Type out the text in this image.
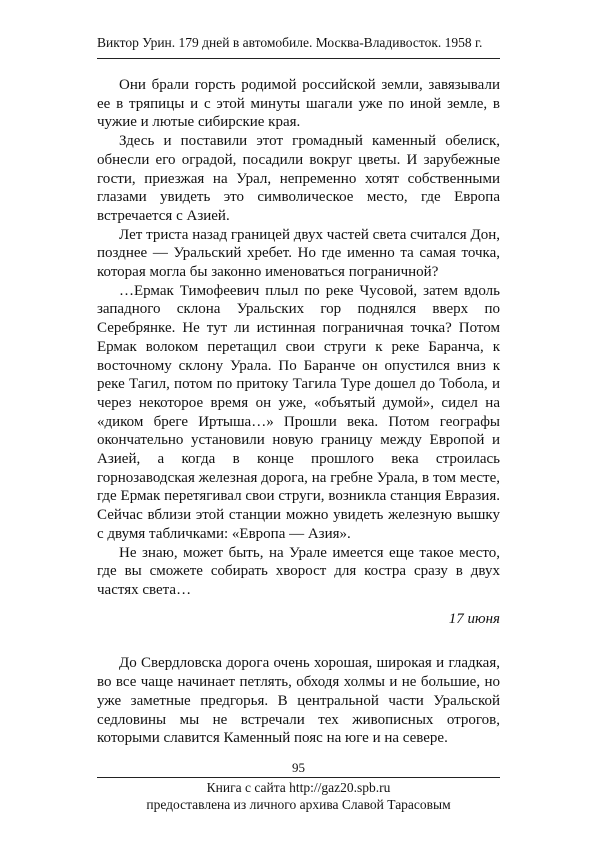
Виктор Урин. 179 дней в автомобиле. Москва-Владивосток. 1958 г.

Они брали горсть родимой российской земли, завязывали ее в тряпицы и с этой минуты шагали уже по иной земле, в чужие и лютые сибирские края.

Здесь и поставили этот громадный каменный обелиск, обнесли его оградой, посадили вокруг цветы. И зарубежные гости, приезжая на Урал, непременно хотят собственными глазами увидеть это символическое место, где Европа встречается с Азией.

Лет триста назад границей двух частей света считался Дон, позднее — Уральский хребет. Но где именно та самая точка, которая могла бы законно именоваться пограничной?

…Ермак Тимофеевич плыл по реке Чусовой, затем вдоль западного склона Уральских гор поднялся вверх по Серебрянке. Не тут ли истинная пограничная точка? Потом Ермак волоком перетащил свои струги к реке Баранча, к восточному склону Урала. По Баранче он опустился вниз к реке Тагил, потом по притоку Тагила Туре дошел до Тобола, и через некоторое время он уже, «объятый думой», сидел на «диком бреге Иртыша…» Прошли века. Потом географы окончательно установили новую границу между Европой и Азией, а когда в конце прошлого века строилась горнозаводская железная дорога, на гребне Урала, в том месте, где Ермак перетягивал свои струги, возникла станция Евразия. Сейчас вблизи этой станции можно увидеть железную вышку с двумя табличками: «Европа — Азия».

Не знаю, может быть, на Урале имеется еще такое место, где вы сможете собирать хворост для костра сразу в двух частях света…

17 июня

До Свердловска дорога очень хорошая, широкая и гладкая, во все чаще начинает петлять, обходя холмы и не большие, но уже заметные предгорья. В центральной части Уральской седловины мы не встречали тех живописных отрогов, которыми славится Каменный пояс на юге и на севере.

95
Книга с сайта http://gaz20.spb.ru
предоставлена из личного архива Славой Тарасовым
